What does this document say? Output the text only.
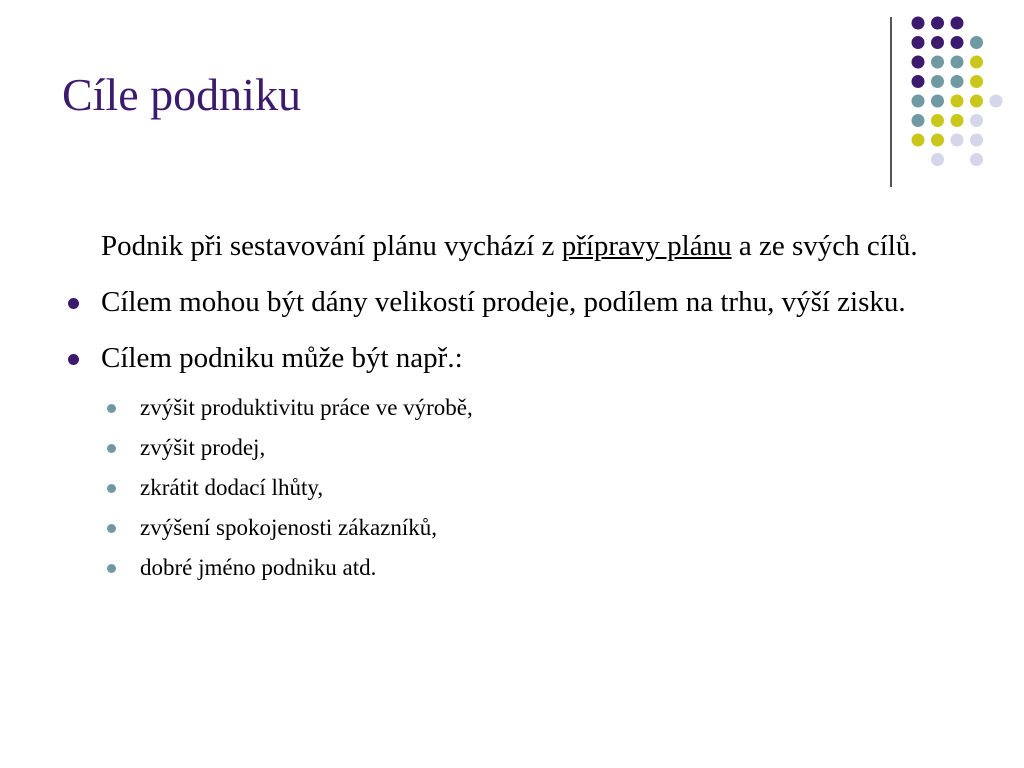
Cíle podniku

Podnik při sestavování plánu vychází z přípravy plánu a ze svých cílů.

Cílem mohou být dány velikostí prodeje, podílem na trhu, výší zisku.

Cílem podniku může být např.:

zvýšit produktivitu práce ve výrobě,
zvýšit prodej,
zkrátit dodací lhůty,
zvýšení spokojenosti zákazníků,
dobré jméno podniku atd.
